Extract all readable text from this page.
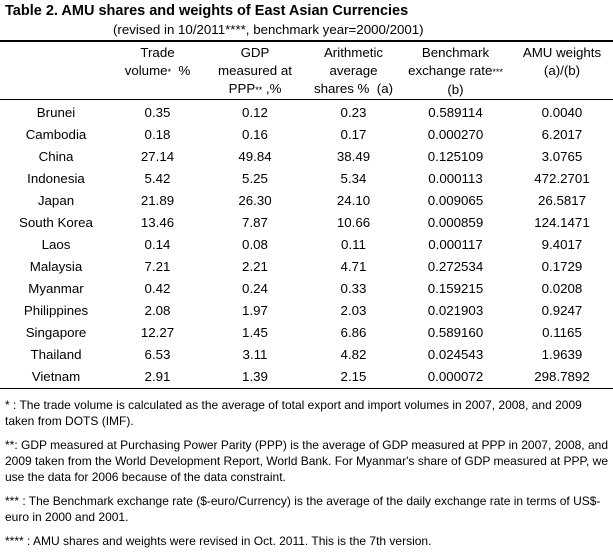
Table 2. AMU shares and weights of East Asian Currencies
(revised in 10/2011****, benchmark year=2000/2001)
	Trade
volume*  %	GDP
measured at
PPP** ,%	Arithmetic
average
shares %  (a)	Benchmark
exchange rate***
(b)	AMU weights
(a)/(b)
Brunei	0.35	0.12	0.23	0.589114	0.0040
Cambodia	0.18	0.16	0.17	0.000270	6.2017
China	27.14	49.84	38.49	0.125109	3.0765
Indonesia	5.42	5.25	5.34	0.000113	472.2701
Japan	21.89	26.30	24.10	0.009065	26.5817
South Korea	13.46	7.87	10.66	0.000859	124.1471
Laos	0.14	0.08	0.11	0.000117	9.4017
Malaysia	7.21	2.21	4.71	0.272534	0.1729
Myanmar	0.42	0.24	0.33	0.159215	0.0208
Philippines	2.08	1.97	2.03	0.021903	0.9247
Singapore	12.27	1.45	6.86	0.589160	0.1165
Thailand	6.53	3.11	4.82	0.024543	1.9639
Vietnam	2.91	1.39	2.15	0.000072	298.7892
* : The trade volume is calculated as the average of total export and import volumes in 2007, 2008, and 2009 taken from DOTS (IMF).
**: GDP measured at Purchasing Power Parity (PPP) is the average of GDP measured at PPP in 2007, 2008, and 2009 taken from the World Development Report, World Bank. For Myanmar's share of GDP measured at PPP, we use the data for 2006 because of the data constraint.
*** : The Benchmark exchange rate ($-euro/Currency) is the average of the daily exchange rate in terms of US$-euro in 2000 and 2001.
**** : AMU shares and weights were revised in Oct. 2011. This is the 7th version.
